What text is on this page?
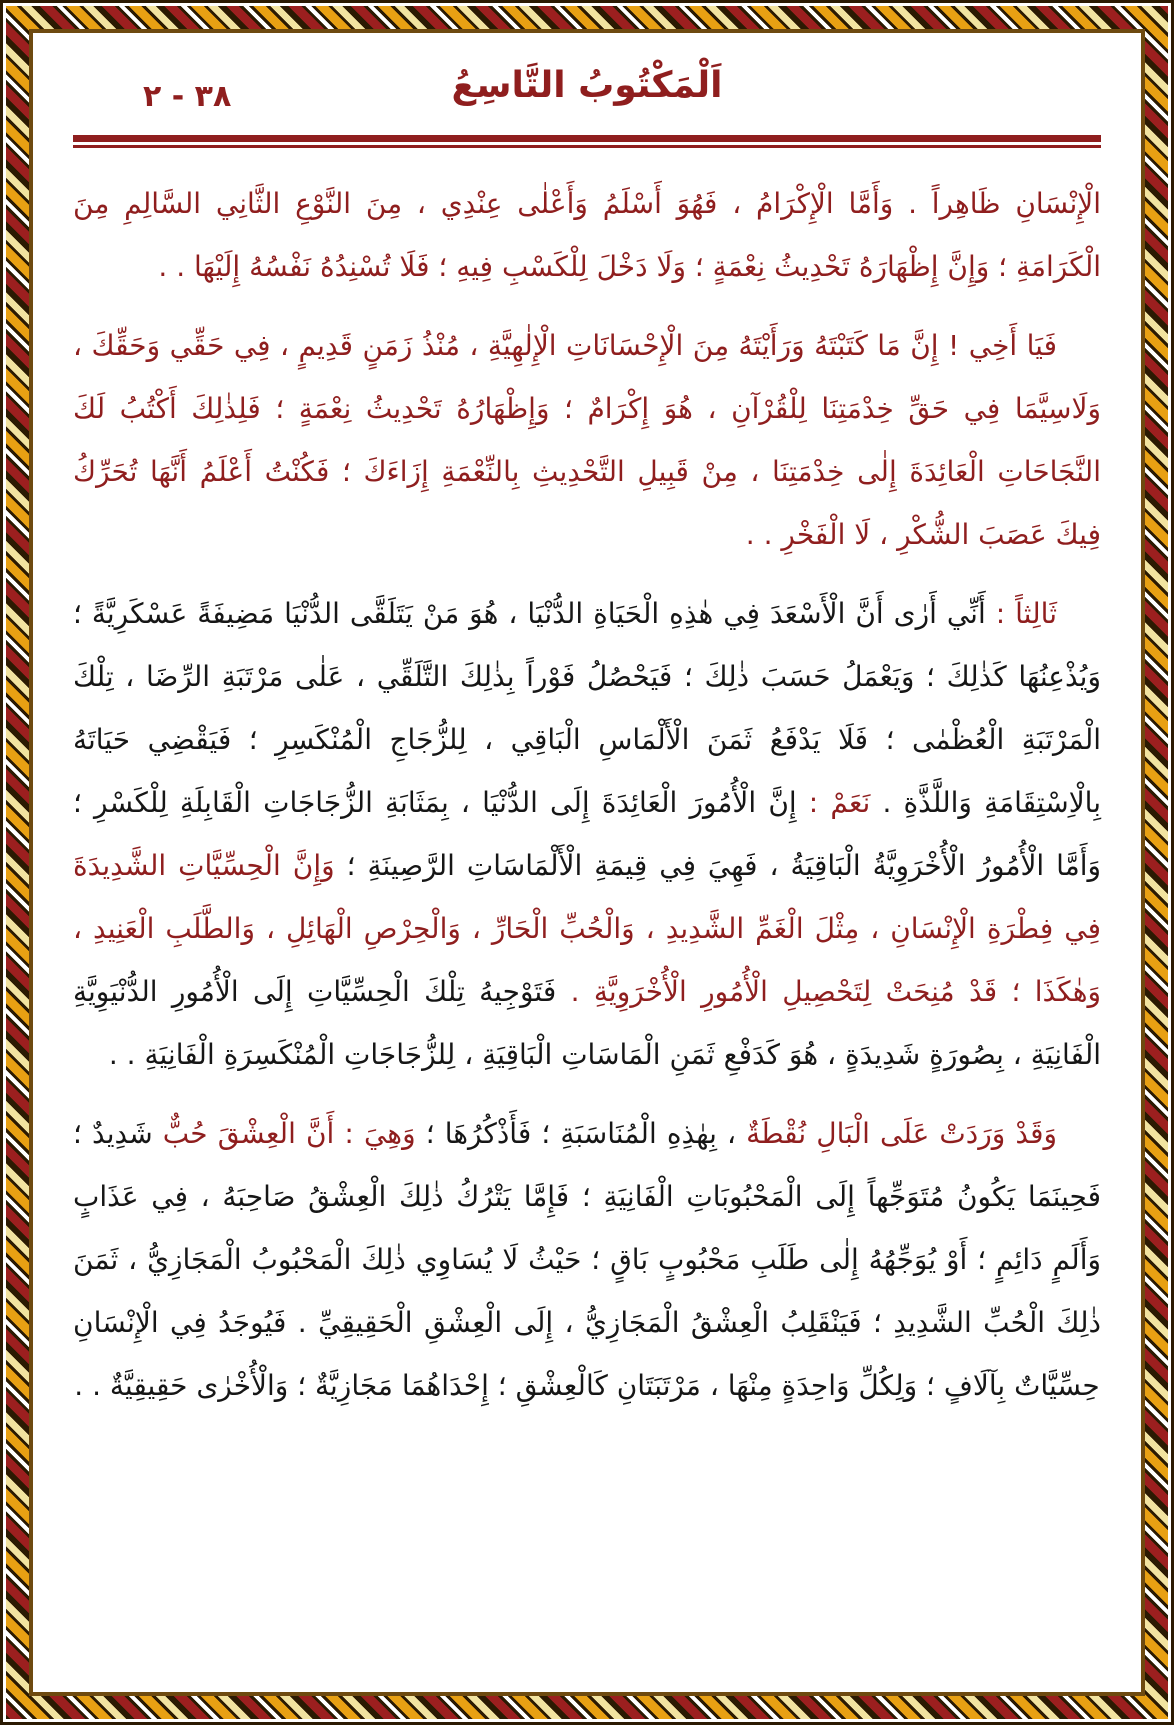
٣٨ - ٢	اَلْمَكْتُوبُ التَّاسِعُ

الْإِنْسَانِ ظَاهِراً . وَأَمَّا الْإِكْرَامُ ، فَهُوَ أَسْلَمُ وَأَعْلٰى عِنْدِي ، مِنَ النَّوْعِ الثَّانِي السَّالِمِ مِنَ الْكَرَامَةِ ؛ وَإِنَّ إِظْهَارَهُ تَحْدِيثُ نِعْمَةٍ ؛ وَلَا دَخْلَ لِلْكَسْبِ فِيهِ ؛ فَلَا تُسْنِدُهُ نَفْسُهُ إِلَيْهَا . .

فَيَا أَخِي ! إِنَّ مَا كَتَبْتَهُ وَرَأَيْتَهُ مِنَ الْإِحْسَانَاتِ الْإِلٰهِيَّةِ ، مُنْذُ زَمَنٍ قَدِيمٍ ، فِي حَقِّي وَحَقِّكَ ، وَلَاسِيَّمَا فِي حَقِّ خِدْمَتِنَا لِلْقُرْآنِ ، هُوَ إِكْرَامٌ ؛ وَإِظْهَارُهُ تَحْدِيثُ نِعْمَةٍ ؛ فَلِذٰلِكَ أَكْتُبُ لَكَ النَّجَاحَاتِ الْعَائِدَةَ إِلٰى خِدْمَتِنَا ، مِنْ قَبِيلِ التَّحْدِيثِ بِالنِّعْمَةِ إِزَاءَكَ ؛ فَكُنْتُ أَعْلَمُ أَنَّهَا تُحَرِّكُ فِيكَ عَصَبَ الشُّكْرِ ، لَا الْفَخْرِ . .

ثَالِثاً : أَنِّي أَرٰى أَنَّ الْأَسْعَدَ فِي هٰذِهِ الْحَيَاةِ الدُّنْيَا ، هُوَ مَنْ يَتَلَقَّى الدُّنْيَا مَضِيفَةً عَسْكَرِيَّةً ؛ وَيُذْعِنُهَا كَذٰلِكَ ؛ وَيَعْمَلُ حَسَبَ ذٰلِكَ ؛ فَيَحْصُلُ فَوْراً بِذٰلِكَ التَّلَقِّي ، عَلٰى مَرْتَبَةِ الرِّضَا ، تِلْكَ الْمَرْتَبَةِ الْعُظْمٰى ؛ فَلَا يَدْفَعُ ثَمَنَ الْأَلْمَاسِ الْبَاقِي ، لِلزُّجَاجِ الْمُنْكَسِرِ ؛ فَيَقْضِي حَيَاتَهُ بِالْاِسْتِقَامَةِ وَاللَّذَّةِ . نَعَمْ : إِنَّ الْأُمُورَ الْعَائِدَةَ إِلَى الدُّنْيَا ، بِمَثَابَةِ الزُّجَاجَاتِ الْقَابِلَةِ لِلْكَسْرِ ؛ وَأَمَّا الْأُمُورُ الْأُخْرَوِيَّةُ الْبَاقِيَةُ ، فَهِيَ فِي قِيمَةِ الْأَلْمَاسَاتِ الرَّصِينَةِ ؛ وَإِنَّ الْحِسِّيَّاتِ الشَّدِيدَةَ فِي فِطْرَةِ الْإِنْسَانِ ، مِثْلَ الْغَمِّ الشَّدِيدِ ، وَالْحُبِّ الْحَارِّ ، وَالْحِرْصِ الْهَائِلِ ، وَالطَّلَبِ الْعَنِيدِ ، وَهٰكَذَا ؛ قَدْ مُنِحَتْ لِتَحْصِيلِ الْأُمُورِ الْأُخْرَوِيَّةِ . فَتَوْجِيهُ تِلْكَ الْحِسِّيَّاتِ إِلَى الْأُمُورِ الدُّنْيَوِيَّةِ الْفَانِيَةِ ، بِصُورَةٍ شَدِيدَةٍ ، هُوَ كَدَفْعِ ثَمَنِ الْمَاسَاتِ الْبَاقِيَةِ ، لِلزُّجَاجَاتِ الْمُنْكَسِرَةِ الْفَانِيَةِ . .

وَقَدْ وَرَدَتْ عَلَى الْبَالِ نُقْطَةٌ ، بِهٰذِهِ الْمُنَاسَبَةِ ؛ فَأَذْكُرُهَا ؛ وَهِيَ : أَنَّ الْعِشْقَ حُبٌّ شَدِيدٌ ؛ فَحِينَمَا يَكُونُ مُتَوَجِّهاً إِلَى الْمَحْبُوبَاتِ الْفَانِيَةِ ؛ فَإِمَّا يَتْرُكُ ذٰلِكَ الْعِشْقُ صَاحِبَهُ ، فِي عَذَابٍ وَأَلَمٍ دَائِمٍ ؛ أَوْ يُوَجِّهُهُ إِلٰى طَلَبِ مَحْبُوبٍ بَاقٍ ؛ حَيْثُ لَا يُسَاوِي ذٰلِكَ الْمَحْبُوبُ الْمَجَازِيُّ ، ثَمَنَ ذٰلِكَ الْحُبِّ الشَّدِيدِ ؛ فَيَنْقَلِبُ الْعِشْقُ الْمَجَازِيُّ ، إِلَى الْعِشْقِ الْحَقِيقِيِّ . فَيُوجَدُ فِي الْإِنْسَانِ حِسِّيَّاتٌ بِآلَافٍ ؛ وَلِكُلِّ وَاحِدَةٍ مِنْهَا ، مَرْتَبَتَانِ كَالْعِشْقِ ؛ إِحْدَاهُمَا مَجَازِيَّةٌ ؛ وَالْأُخْرٰى حَقِيقِيَّةٌ . .
